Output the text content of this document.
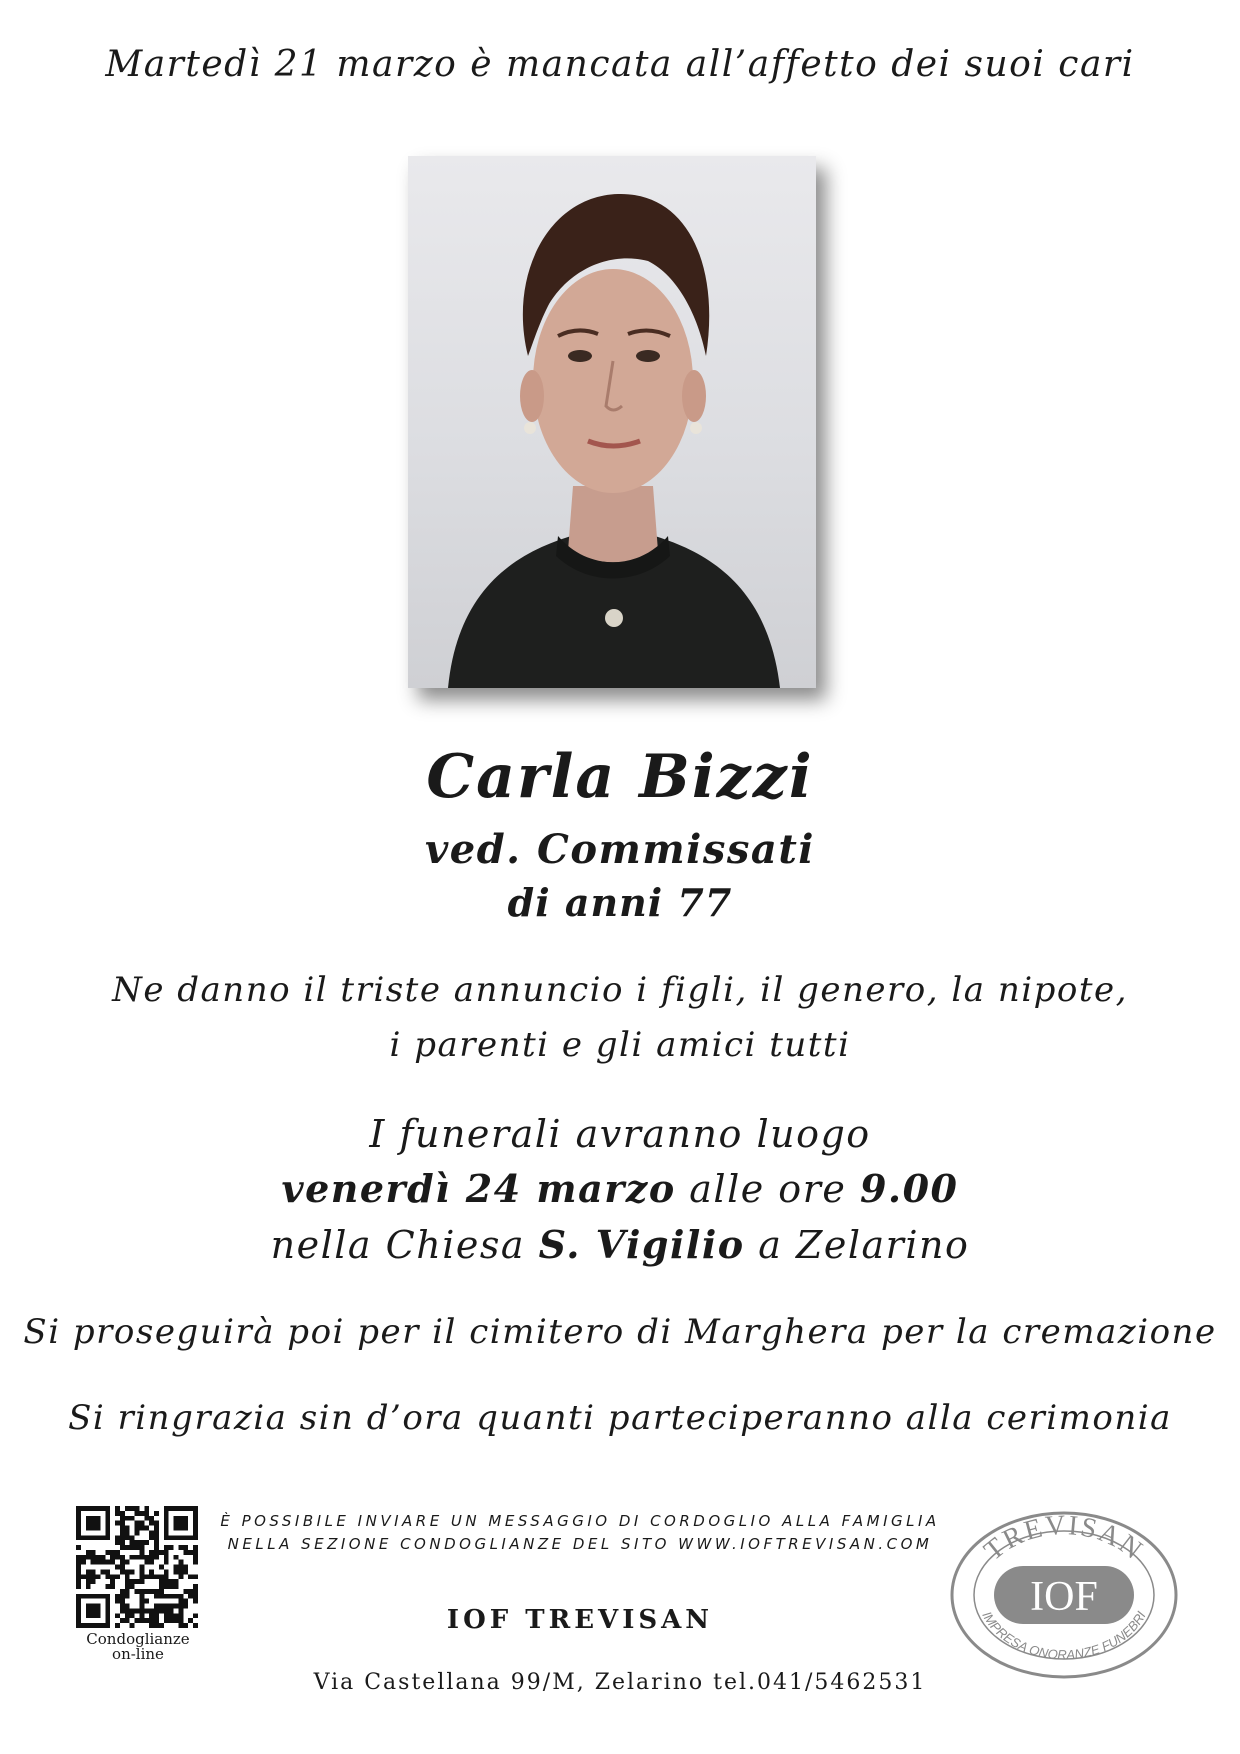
Martedì 21 marzo è mancata all’affetto dei suoi cari
Carla Bizzi
ved. Commissati
di anni 77
Ne danno il triste annuncio i figli, il genero, la nipote,
i parenti e gli amici tutti
I funerali avranno luogo
venerdì 24 marzo alle ore 9.00
nella Chiesa S. Vigilio a Zelarino
Si proseguirà poi per il cimitero di Marghera per la cremazione
Si ringrazia sin d’ora quanti parteciperanno alla cerimonia
Condoglianze
on-line
È POSSIBILE INVIARE UN MESSAGGIO DI CORDOGLIO ALLA FAMIGLIA
NELLA SEZIONE CONDOGLIANZE DEL SITO WWW.IOFTREVISAN.COM
IOF TREVISAN
Via Castellana 99/M, Zelarino tel.041/5462531
IOF
TREVISAN
IMPRESA ONORANZE FUNEBRI
